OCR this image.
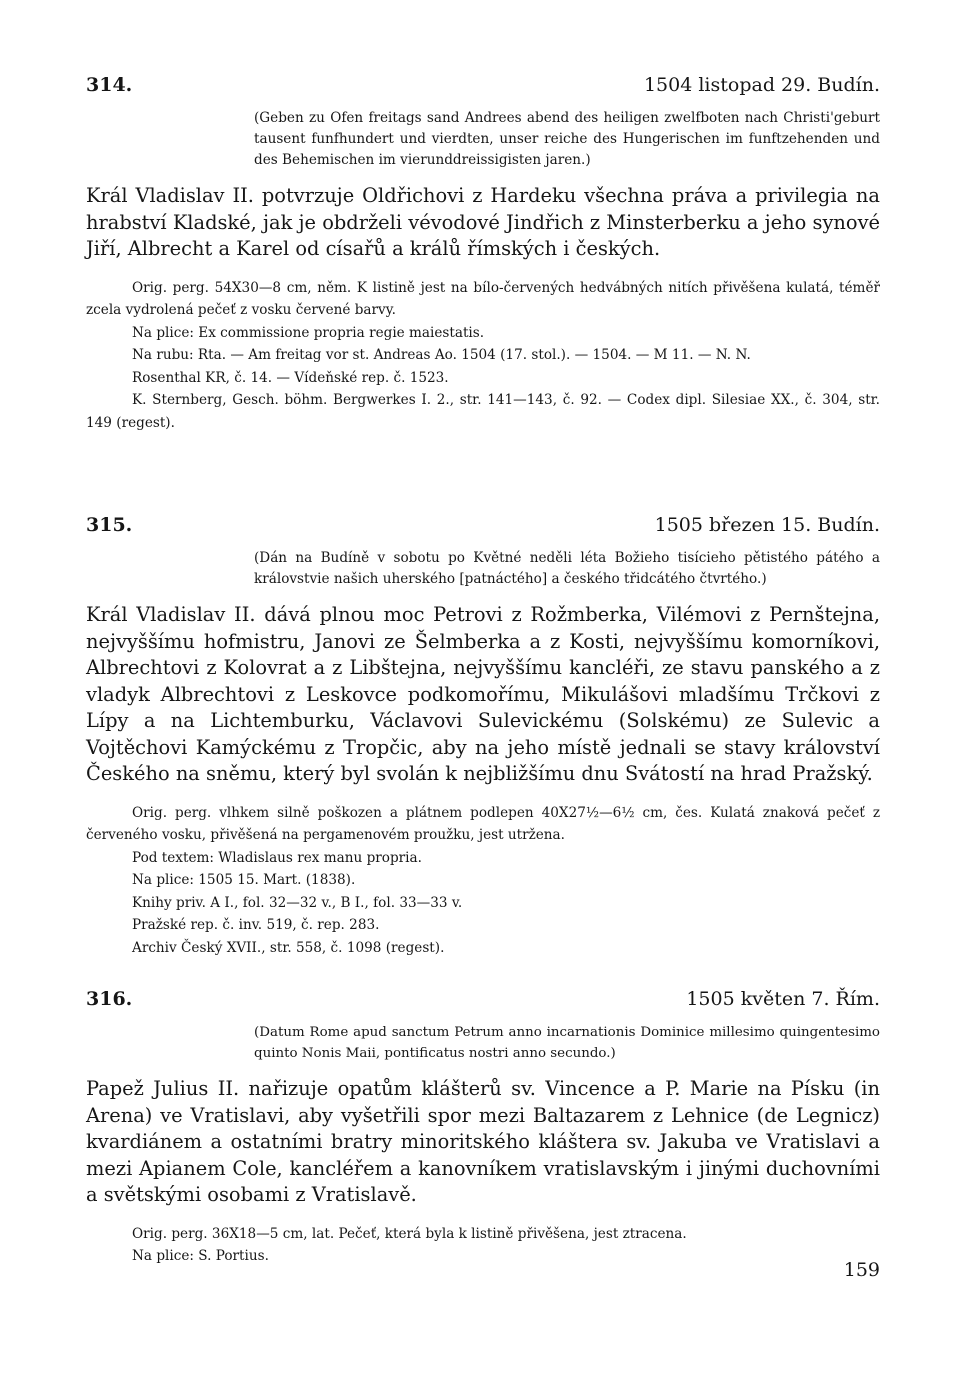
314.	1504 listopad 29. Budín.

(Geben zu Ofen freitags sand Andrees abend des heiligen zwelfboten nach Christi'geburt tausent funfhundert und vierdten, unser reiche des Hungerischen im funftzehenden und des Behemischen im vierunddreissigisten jaren.)

Král Vladislav II. potvrzuje Oldřichovi z Hardeku všechna práva a privilegia na hrabství Kladské, jak je obdrželi vévodové Jindřich z Minsterberku a jeho synové Jiří, Albrecht a Karel od císařů a králů římských i českých.

Orig. perg. 54X30—8 cm, něm. K listině jest na bílo-červených hedvábných nitích přivěšena kulatá, téměř zcela vydrolená pečeť z vosku červené barvy.

Na plice: Ex commissione propria regie maiestatis.

Na rubu: Rta. — Am freitag vor st. Andreas Ao. 1504 (17. stol.). — 1504. — M 11. — N. N.

Rosenthal KR, č. 14. — Vídeňské rep. č. 1523.

K. Sternberg, Gesch. böhm. Bergwerkes I. 2., str. 141—143, č. 92. — Codex dipl. Silesiae XX., č. 304, str. 149 (regest).

315.	1505 březen 15. Budín.

(Dán na Budíně v sobotu po Květné neděli léta Božieho tisícieho pětistého pátého a královstvie našich uherského [patnáctého] a českého třidcátého čtvrtého.)

Král Vladislav II. dává plnou moc Petrovi z Rožmberka, Vilémovi z Pernštejna, nejvyššímu hofmistru, Janovi ze Šelmberka a z Kosti, nejvyššímu komorníkovi, Albrechtovi z Kolovrat a z Libštejna, nejvyššímu kancléři, ze stavu panského a z vladyk Albrechtovi z Leskovce podkomořímu, Mikulášovi mladšímu Trčkovi z Lípy a na Lichtemburku, Václavovi Sulevickému (Solskému) ze Sulevic a Vojtěchovi Kamýckému z Tropčic, aby na jeho místě jednali se stavy království Českého na sněmu, který byl svolán k nejbližšímu dnu Svátostí na hrad Pražský.

Orig. perg. vlhkem silně poškozen a plátnem podlepen 40X27½—6½ cm, čes. Kulatá znaková pečeť z červeného vosku, přivěšená na pergamenovém proužku, jest utržena.

Pod textem: Wladislaus rex manu propria.

Na plice: 1505 15. Mart. (1838).

Knihy priv. A I., fol. 32—32 v., B I., fol. 33—33 v.

Pražské rep. č. inv. 519, č. rep. 283.

Archiv Český XVII., str. 558, č. 1098 (regest).

316.	1505 květen 7. Řím.

(Datum Rome apud sanctum Petrum anno incarnationis Dominice millesimo quingentesimo quinto Nonis Maii, pontificatus nostri anno secundo.)

Papež Julius II. nařizuje opatům klášterů sv. Vincence a P. Marie na Písku (in Arena) ve Vratislavi, aby vyšetřili spor mezi Baltazarem z Lehnice (de Legnicz) kvardiánem a ostatními bratry minoritského kláštera sv. Jakuba ve Vratislavi a mezi Apianem Cole, kancléřem a kanovníkem vratislavským i jinými duchovními a světskými osobami z Vratislavě.

Orig. perg. 36X18—5 cm, lat. Pečeť, která byla k listině přivěšena, jest ztracena.

Na plice: S. Portius.

159
